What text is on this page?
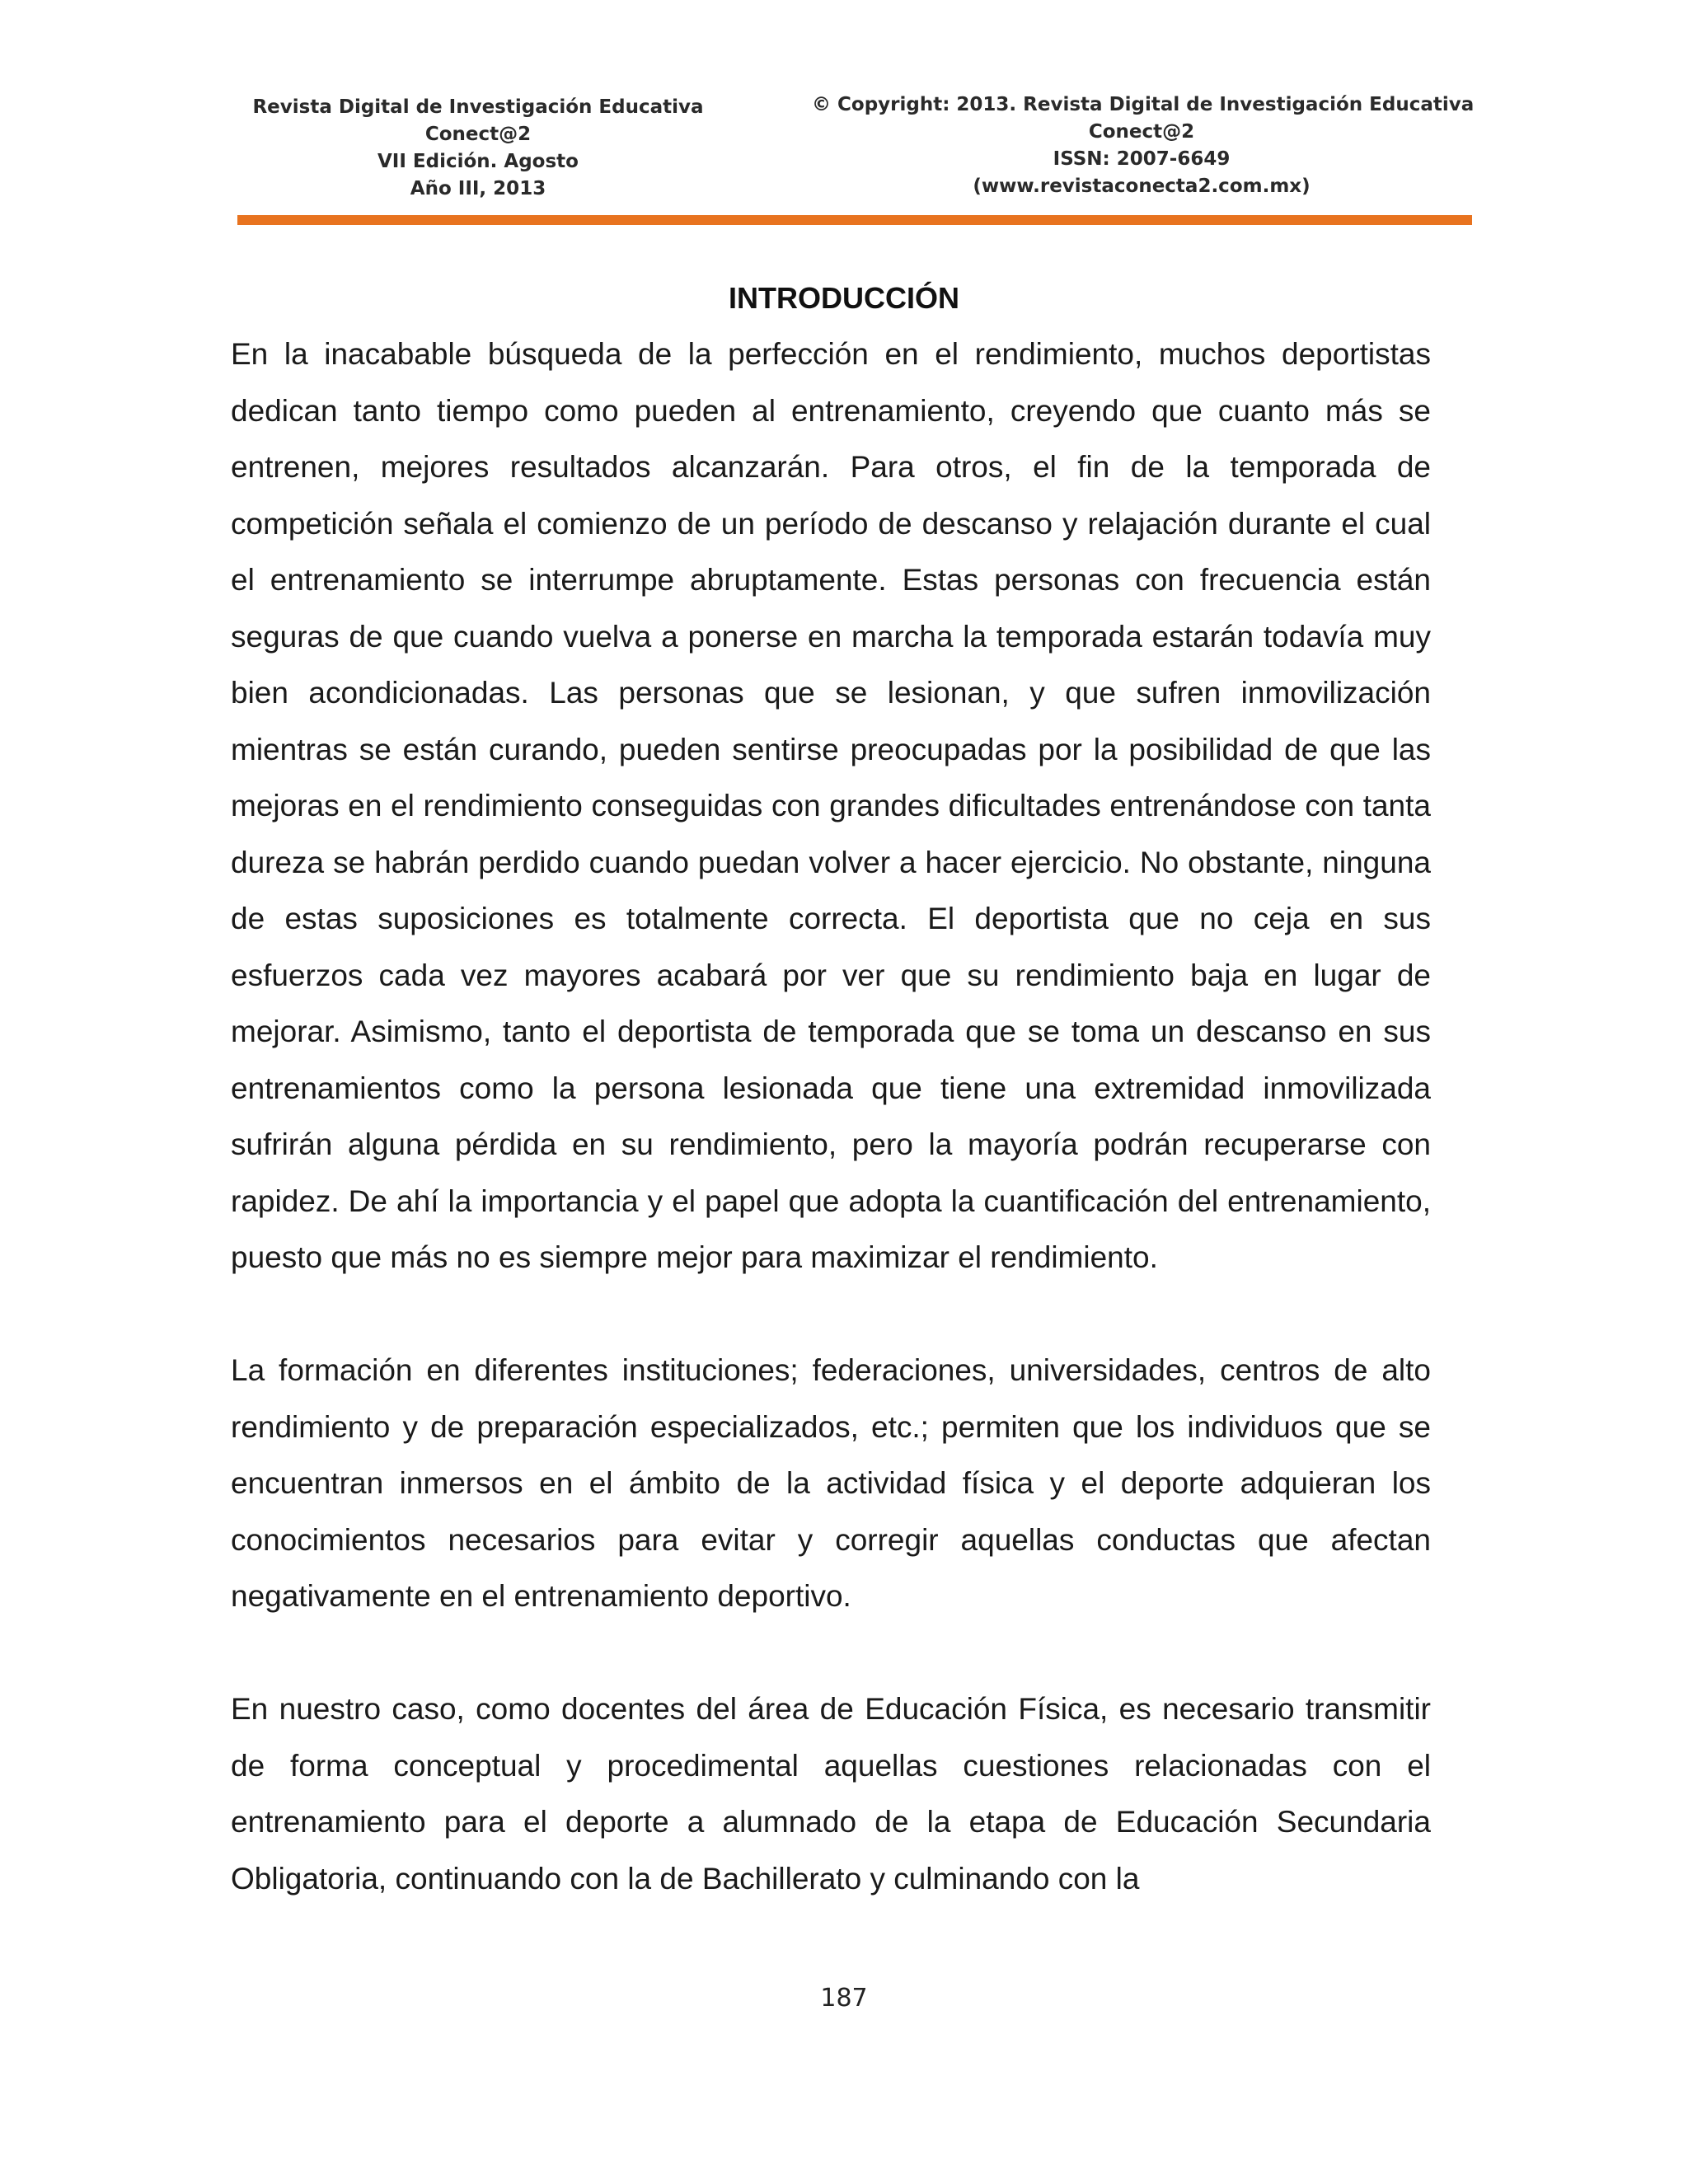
Revista Digital de Investigación Educativa
Conect@2
VII Edición. Agosto
Año III, 2013
© Copyright: 2013. Revista Digital de Investigación Educativa
Conect@2
ISSN: 2007-6649
(www.revistaconecta2.com.mx)
INTRODUCCIÓN

En la inacabable búsqueda de la perfección en el rendimiento, muchos deportistas dedican tanto tiempo como pueden al entrenamiento, creyendo que cuanto más se entrenen, mejores resultados alcanzarán. Para otros, el fin de la temporada de competición señala el comienzo de un período de descanso y relajación durante el cual el entrenamiento se interrumpe abruptamente. Estas personas con frecuencia están seguras de que cuando vuelva a ponerse en marcha la temporada estarán todavía muy bien acondicionadas. Las personas que se lesionan, y que sufren inmovilización mientras se están curando, pueden sentirse preocupadas por la posibilidad de que las mejoras en el rendimiento conseguidas con grandes dificultades entrenándose con tanta dureza se habrán perdido cuando puedan volver a hacer ejercicio. No obstante, ninguna de estas suposiciones es totalmente correcta. El deportista que no ceja en sus esfuerzos cada vez mayores acabará por ver que su rendimiento baja en lugar de mejorar. Asimismo, tanto el deportista de temporada que se toma un descanso en sus entrenamientos como la persona lesionada que tiene una extremidad inmovilizada sufrirán alguna pérdida en su rendimiento, pero la mayoría podrán recuperarse con rapidez. De ahí la importancia y el papel que adopta la cuantificación del entrenamiento, puesto que más no es siempre mejor para maximizar el rendimiento.

La formación en diferentes instituciones; federaciones, universidades, centros de alto rendimiento y de preparación especializados, etc.; permiten que los individuos que se encuentran inmersos en el ámbito de la actividad física y el deporte adquieran los conocimientos necesarios para evitar y corregir aquellas conductas que afectan negativamente en el entrenamiento deportivo.

En nuestro caso, como docentes del área de Educación Física, es necesario transmitir de forma conceptual y procedimental aquellas cuestiones relacionadas con el entrenamiento para el deporte a alumnado de la etapa de Educación Secundaria Obligatoria, continuando con la de Bachillerato y culminando con la

187
